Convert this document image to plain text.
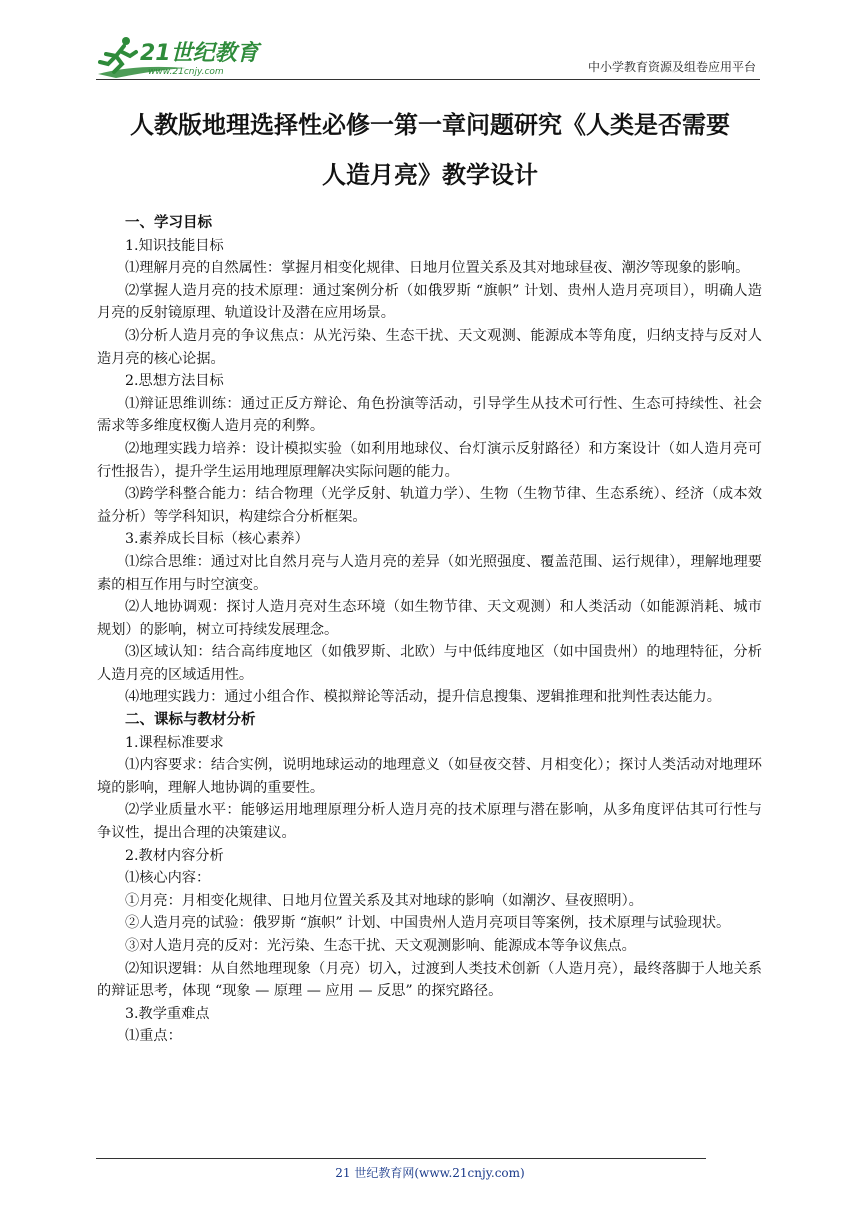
21世纪教育
www.21cnjy.com	中小学教育资源及组卷应用平台
人教版地理选择性必修一第一章问题研究《人类是否需要
人造月亮》教学设计

一、学习目标

1.知识技能目标

⑴理解月亮的自然属性：掌握月相变化规律、日地月位置关系及其对地球昼夜、潮汐等现象的影响。

⑵掌握人造月亮的技术原理：通过案例分析（如俄罗斯 “旗帜” 计划、贵州人造月亮项目），明确人造月亮的反射镜原理、轨道设计及潜在应用场景。

⑶分析人造月亮的争议焦点：从光污染、生态干扰、天文观测、能源成本等角度，归纳支持与反对人造月亮的核心论据。

2.思想方法目标

⑴辩证思维训练：通过正反方辩论、角色扮演等活动，引导学生从技术可行性、生态可持续性、社会需求等多维度权衡人造月亮的利弊。

⑵地理实践力培养：设计模拟实验（如利用地球仪、台灯演示反射路径）和方案设计（如人造月亮可行性报告），提升学生运用地理原理解决实际问题的能力。

⑶跨学科整合能力：结合物理（光学反射、轨道力学）、生物（生物节律、生态系统）、经济（成本效益分析）等学科知识，构建综合分析框架。

3.素养成长目标（核心素养）

⑴综合思维：通过对比自然月亮与人造月亮的差异（如光照强度、覆盖范围、运行规律），理解地理要素的相互作用与时空演变。

⑵人地协调观：探讨人造月亮对生态环境（如生物节律、天文观测）和人类活动（如能源消耗、城市规划）的影响，树立可持续发展理念。

⑶区域认知：结合高纬度地区（如俄罗斯、北欧）与中低纬度地区（如中国贵州）的地理特征，分析人造月亮的区域适用性。

⑷地理实践力：通过小组合作、模拟辩论等活动，提升信息搜集、逻辑推理和批判性表达能力。

二、课标与教材分析

1.课程标准要求

⑴内容要求：结合实例，说明地球运动的地理意义（如昼夜交替、月相变化）；探讨人类活动对地理环境的影响，理解人地协调的重要性。

⑵学业质量水平：能够运用地理原理分析人造月亮的技术原理与潜在影响，从多角度评估其可行性与争议性，提出合理的决策建议。

2.教材内容分析

⑴核心内容：

①月亮：月相变化规律、日地月位置关系及其对地球的影响（如潮汐、昼夜照明）。

②人造月亮的试验：俄罗斯 “旗帜” 计划、中国贵州人造月亮项目等案例，技术原理与试验现状。

③对人造月亮的反对：光污染、生态干扰、天文观测影响、能源成本等争议焦点。

⑵知识逻辑：从自然地理现象（月亮）切入，过渡到人类技术创新（人造月亮），最终落脚于人地关系的辩证思考，体现 “现象 — 原理 — 应用 — 反思” 的探究路径。

3.教学重难点

⑴重点：

21 世纪教育网(www.21cnjy.com)
